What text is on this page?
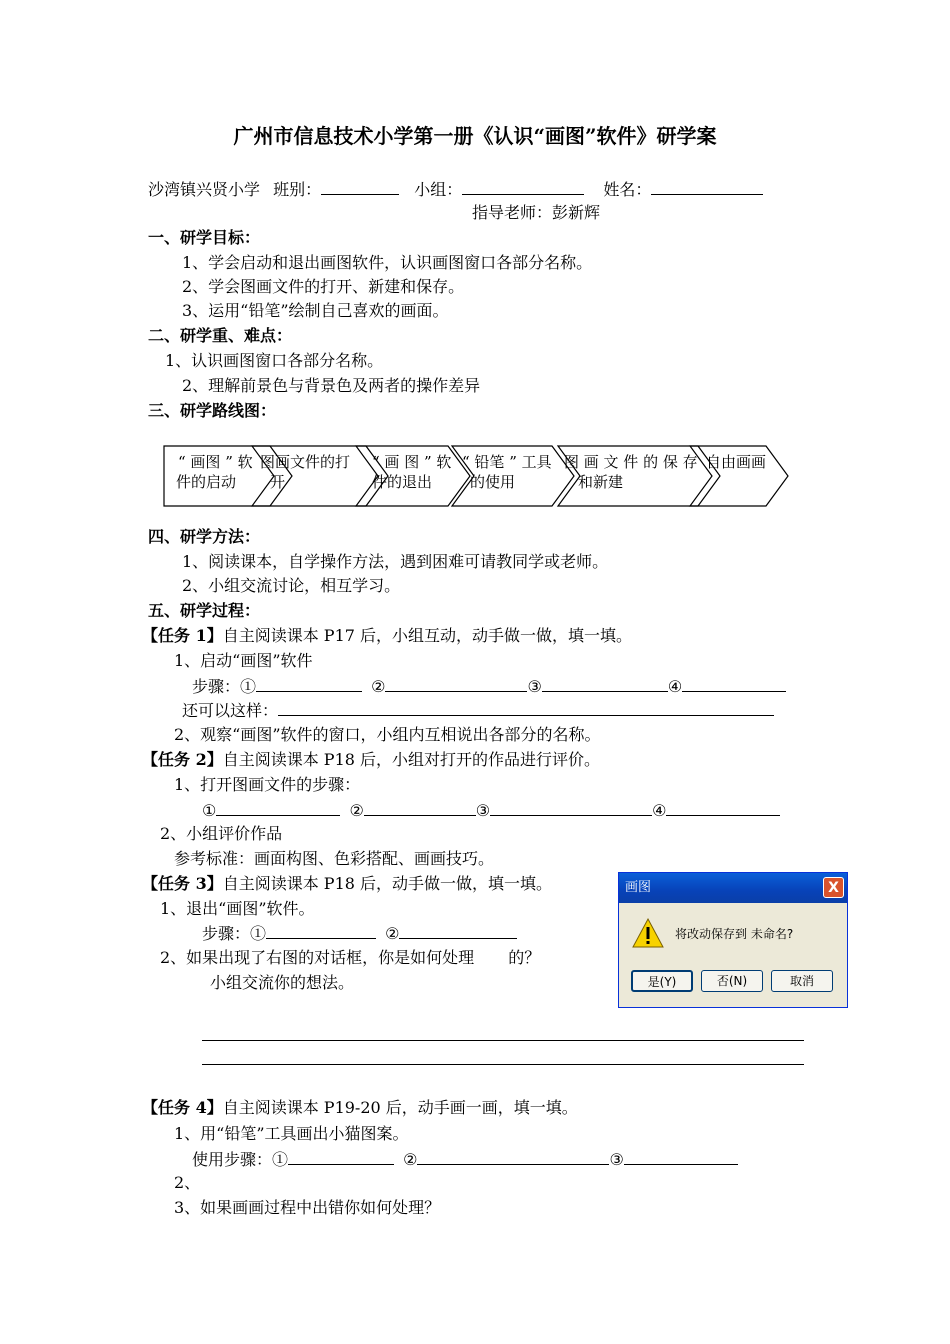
广州市信息技术小学第一册《认识“画图”软件》研学案
沙湾镇兴贤小学 班别：	小组：	姓名：
指导老师：彭新辉
一、研学目标：
1、学会启动和退出画图软件，认识画图窗口各部分名称。
2、学会图画文件的打开、新建和保存。
3、运用“铅笔”绘制自己喜欢的画面。
二、研学重、难点：
1、认识画图窗口各部分名称。
2、理解前景色与背景色及两者的操作差异
三、研学路线图：
“ 画图 ” 软
件的启动
图画文件的打
开
“ 画 图 ” 软
件的退出
“ 铅笔 ” 工具
的使用
图 画 文 件 的 保 存
和新建
自由画画
四、研学方法：
1、阅读课本，自学操作方法，遇到困难可请教同学或老师。
2、小组交流讨论，相互学习。
五、研学过程：
【任务 1】自主阅读课本 P17 后，小组互动，动手做一做，填一填。
1、启动“画图”软件
步骤：①	②	③	④
还可以这样：
2、观察“画图”软件的窗口，小组内互相说出各部分的名称。
【任务 2】自主阅读课本 P18 后，小组对打开的作品进行评价。
1、打开图画文件的步骤：
①	②	③	④
2、小组评价作品
参考标准：画面构图、色彩搭配、画画技巧。
【任务 3】自主阅读课本 P18 后，动手做一做，填一填。
1、退出“画图”软件。
步骤：①	②
2、如果出现了右图的对话框，你是如何处理 的？
小组交流你的想法。
画图	X
将改动保存到 未命名?
是(Y)	否(N)	取消
【任务 4】自主阅读课本 P19-20 后，动手画一画，填一填。
1、用“铅笔”工具画出小猫图案。
使用步骤：①	②	③
2、
3、如果画画过程中出错你如何处理？
